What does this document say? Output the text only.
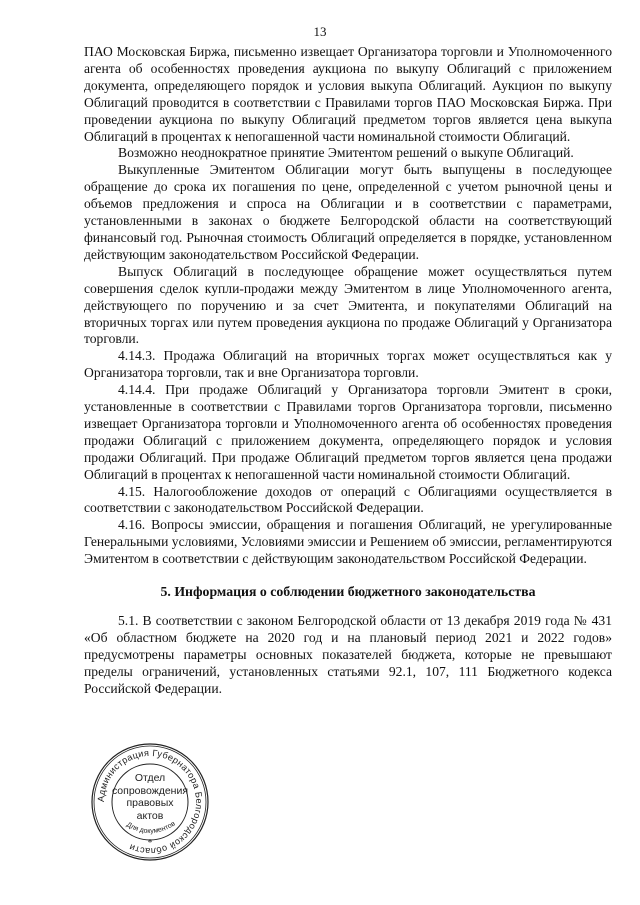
13

ПАО Московская Биржа, письменно извещает Организатора торговли и Уполномоченного агента об особенностях проведения аукциона по выкупу Облигаций с приложением документа, определяющего порядок и условия выкупа Облигаций. Аукцион по выкупу Облигаций проводится в соответствии с Правилами торгов ПАО Московская Биржа. При проведении аукциона по выкупу Облигаций предметом торгов является цена выкупа Облигаций в процентах к непогашенной части номинальной стоимости Облигаций.

Возможно неоднократное принятие Эмитентом решений о выкупе Облигаций.

Выкупленные Эмитентом Облигации могут быть выпущены в последующее обращение до срока их погашения по цене, определенной с учетом рыночной цены и объемов предложения и спроса на Облигации и в соответствии с параметрами, установленными в законах о бюджете Белгородской области на соответствующий финансовый год. Рыночная стоимость Облигаций определяется в порядке, установленном действующим законодательством Российской Федерации.

Выпуск Облигаций в последующее обращение может осуществляться путем совершения сделок купли-продажи между Эмитентом в лице Уполномоченного агента, действующего по поручению и за счет Эмитента, и покупателями Облигаций на вторичных торгах или путем проведения аукциона по продаже Облигаций у Организатора торговли.

4.14.3. Продажа Облигаций на вторичных торгах может осуществляться как у Организатора торговли, так и вне Организатора торговли.

4.14.4. При продаже Облигаций у Организатора торговли Эмитент в сроки, установленные в соответствии с Правилами торгов Организатора торговли, письменно извещает Организатора торговли и Уполномоченного агента об особенностях проведения продажи Облигаций с приложением документа, определяющего порядок и условия продажи Облигаций. При продаже Облигаций предметом торгов является цена продажи Облигаций в процентах к непогашенной части номинальной стоимости Облигаций.

4.15. Налогообложение доходов от операций с Облигациями осуществляется в соответствии с законодательством Российской Федерации.

4.16. Вопросы эмиссии, обращения и погашения Облигаций, не урегулированные Генеральными условиями, Условиями эмиссии и Решением об эмиссии, регламентируются Эмитентом в соответствии с действующим законодательством Российской Федерации.

5. Информация о соблюдении бюджетного законодательства

5.1. В соответствии с законом Белгородской области от 13 декабря 2019 года № 431 «Об областном бюджете на 2020 год и на плановый период 2021 и 2022 годов» предусмотрены параметры основных показателей бюджета, которые не превышают пределы ограничений, установленных статьями 92.1, 107, 111 Бюджетного кодекса Российской Федерации.

Администрация Губернатора Белгородской области
Для документов
Отдел
сопровождения
правовых
актов
*
